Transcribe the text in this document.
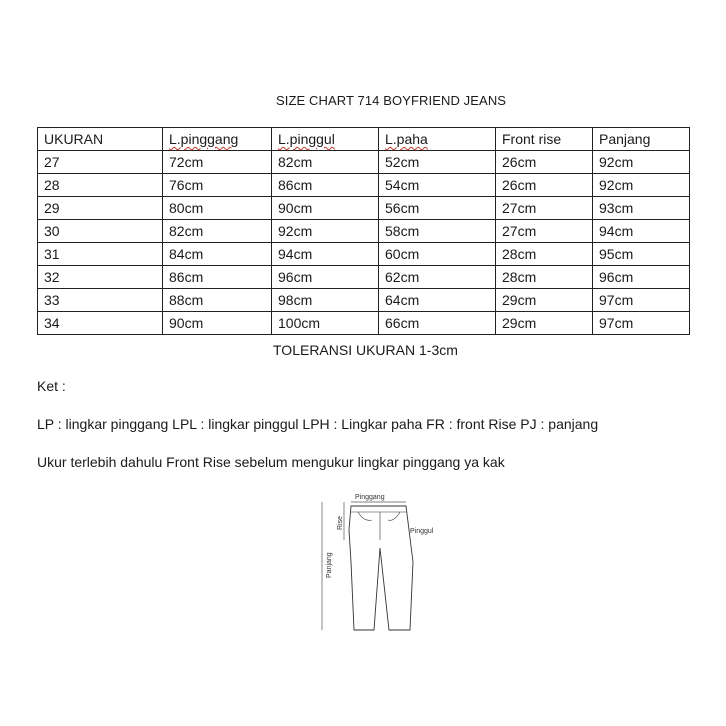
SIZE CHART 714 BOYFRIEND JEANS
UKURAN	L.pinggang	L.pinggul	L.paha	Front rise	Panjang
27	72cm	82cm	52cm	26cm	92cm
28	76cm	86cm	54cm	26cm	92cm
29	80cm	90cm	56cm	27cm	93cm
30	82cm	92cm	58cm	27cm	94cm
31	84cm	94cm	60cm	28cm	95cm
32	86cm	96cm	62cm	28cm	96cm
33	88cm	98cm	64cm	29cm	97cm
34	90cm	100cm	66cm	29cm	97cm
TOLERANSI UKURAN 1-3cm
Ket :
LP : lingkar pinggang LPL : lingkar pinggul LPH : Lingkar paha FR : front Rise PJ : panjang
Ukur terlebih dahulu Front Rise sebelum mengukur lingkar pinggang ya kak
Pinggang
Rise
Panjang
Pinggul
